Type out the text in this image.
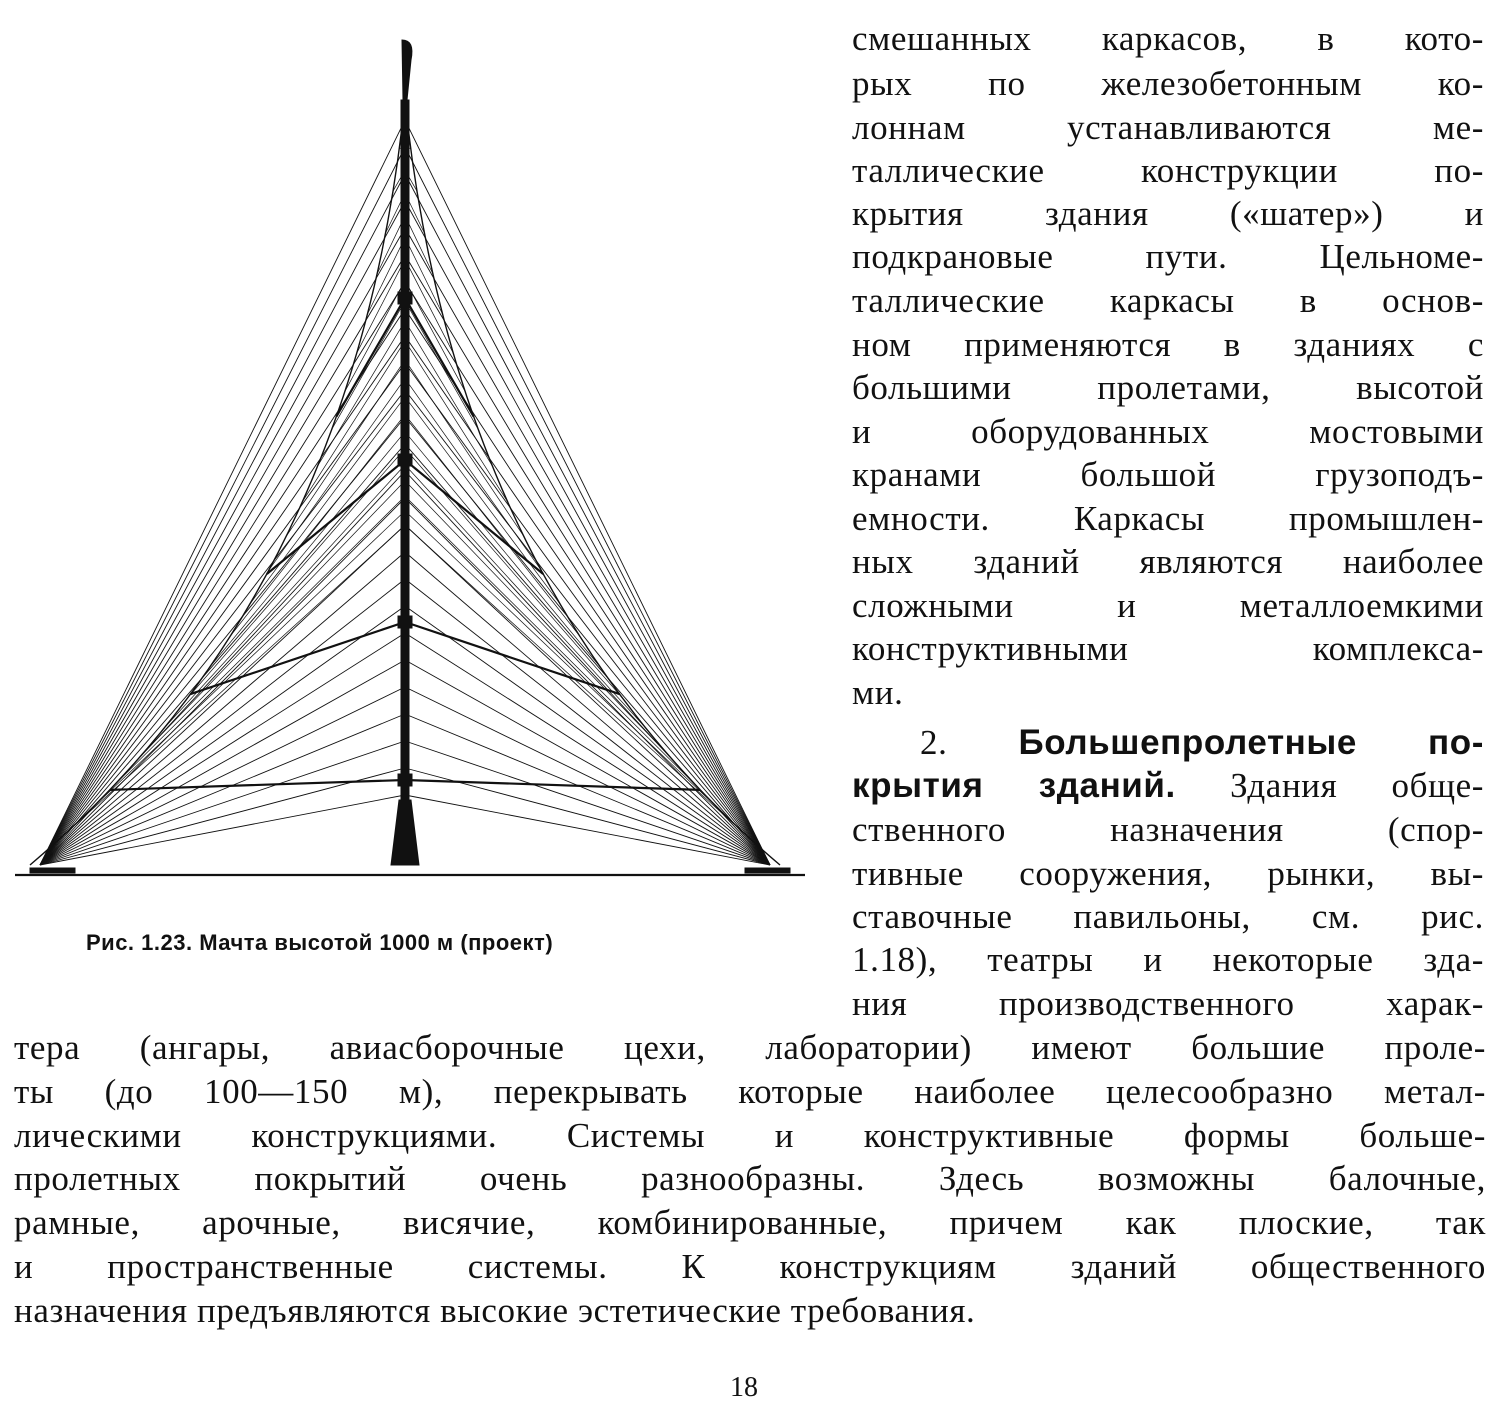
Рис. 1.23. Мачта высотой 1000 м (проект)
смешанных каркасов, в кото-
рых по железобетонным ко-
лоннам устанавливаются ме-
таллические конструкции по-
крытия здания («шатер») и
подкрановые пути. Цельноме-
таллические каркасы в основ-
ном применяются в зданиях с
большими пролетами, высотой
и оборудованных мостовыми
кранами большой грузоподъ-
емности. Каркасы промышлен-
ных зданий являются наиболее
сложными и металлоемкими
конструктивными комплекса-
ми.
2. Большепролетные по-
крытия зданий. Здания обще-
ственного назначения (спор-
тивные сооружения, рынки, вы-
ставочные павильоны, см. рис.
1.18), театры и некоторые зда-
ния производственного харак-
тера (ангары, авиасборочные цехи, лаборатории) имеют большие проле-
ты (до 100—150 м), перекрывать которые наиболее целесообразно метал-
лическими конструкциями. Системы и конструктивные формы больше-
пролетных покрытий очень разнообразны. Здесь возможны балочные,
рамные, арочные, висячие, комбинированные, причем как плоские, так
и пространственные системы. К конструкциям зданий общественного
назначения предъявляются высокие эстетические требования.
18
